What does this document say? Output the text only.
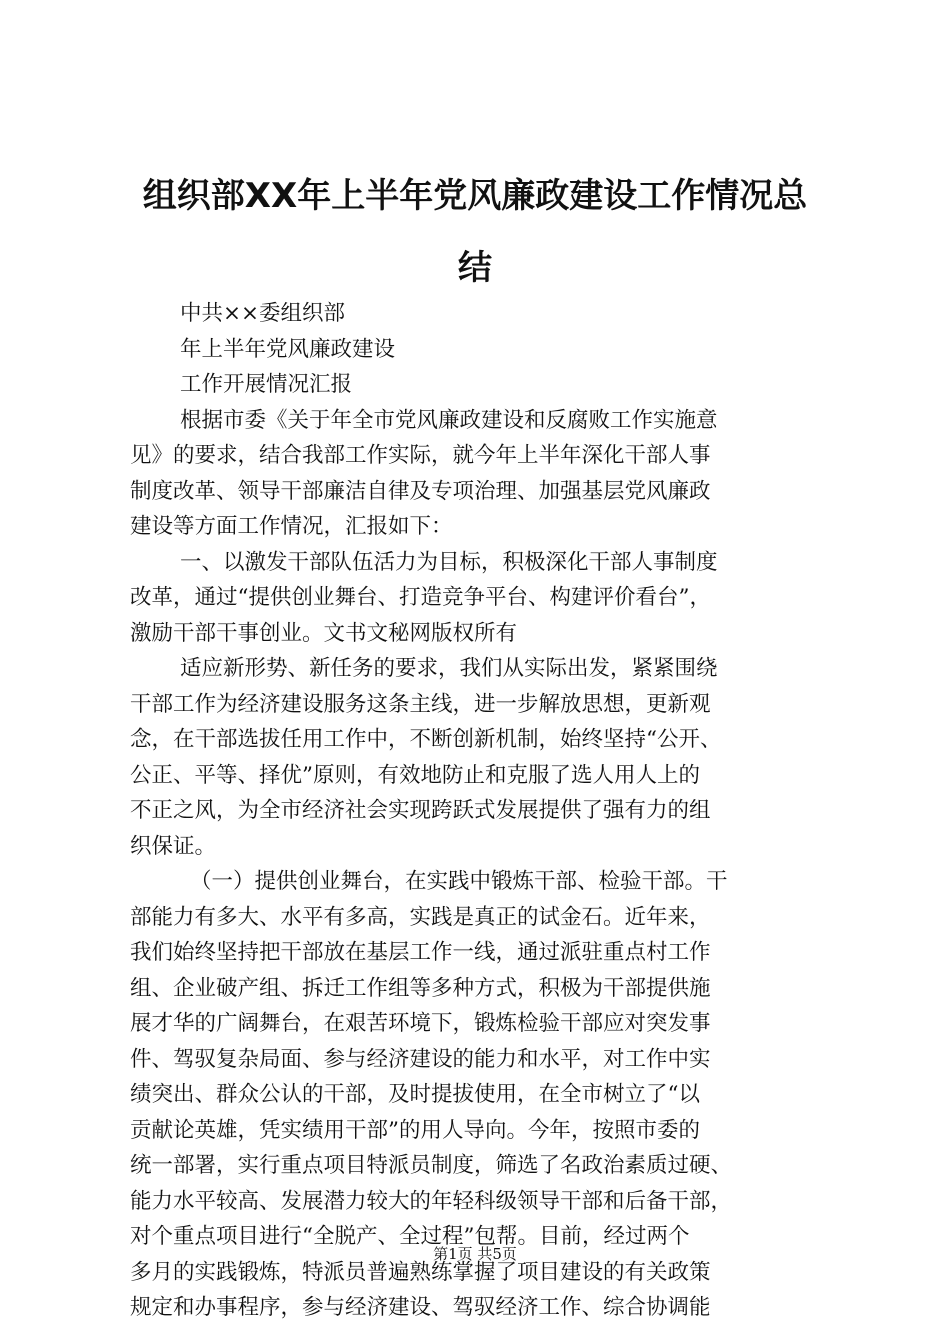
组织部XX年上半年党风廉政建设工作情况总
结
中共××委组织部
年上半年党风廉政建设
工作开展情况汇报
根据市委《关于年全市党风廉政建设和反腐败工作实施意
见》的要求，结合我部工作实际，就今年上半年深化干部人事
制度改革、领导干部廉洁自律及专项治理、加强基层党风廉政
建设等方面工作情况，汇报如下：
一、以激发干部队伍活力为目标，积极深化干部人事制度
改革，通过“提供创业舞台、打造竞争平台、构建评价看台”，
激励干部干事创业。文书文秘网版权所有
适应新形势、新任务的要求，我们从实际出发，紧紧围绕
干部工作为经济建设服务这条主线，进一步解放思想，更新观
念，在干部选拔任用工作中，不断创新机制，始终坚持“公开、
公正、平等、择优”原则，有效地防止和克服了选人用人上的
不正之风，为全市经济社会实现跨跃式发展提供了强有力的组
织保证。
（一）提供创业舞台，在实践中锻炼干部、检验干部。干
部能力有多大、水平有多高，实践是真正的试金石。近年来，
我们始终坚持把干部放在基层工作一线，通过派驻重点村工作
组、企业破产组、拆迁工作组等多种方式，积极为干部提供施
展才华的广阔舞台，在艰苦环境下，锻炼检验干部应对突发事
件、驾驭复杂局面、参与经济建设的能力和水平，对工作中实
绩突出、群众公认的干部，及时提拔使用，在全市树立了“以
贡献论英雄，凭实绩用干部”的用人导向。今年，按照市委的
统一部署，实行重点项目特派员制度，筛选了名政治素质过硬、
能力水平较高、发展潜力较大的年轻科级领导干部和后备干部，
对个重点项目进行“全脱产、全过程”包帮。目前，经过两个
多月的实践锻炼，特派员普遍熟练掌握了项目建设的有关政策
规定和办事程序，参与经济建设、驾驭经济工作、综合协调能
第1页 共5页
